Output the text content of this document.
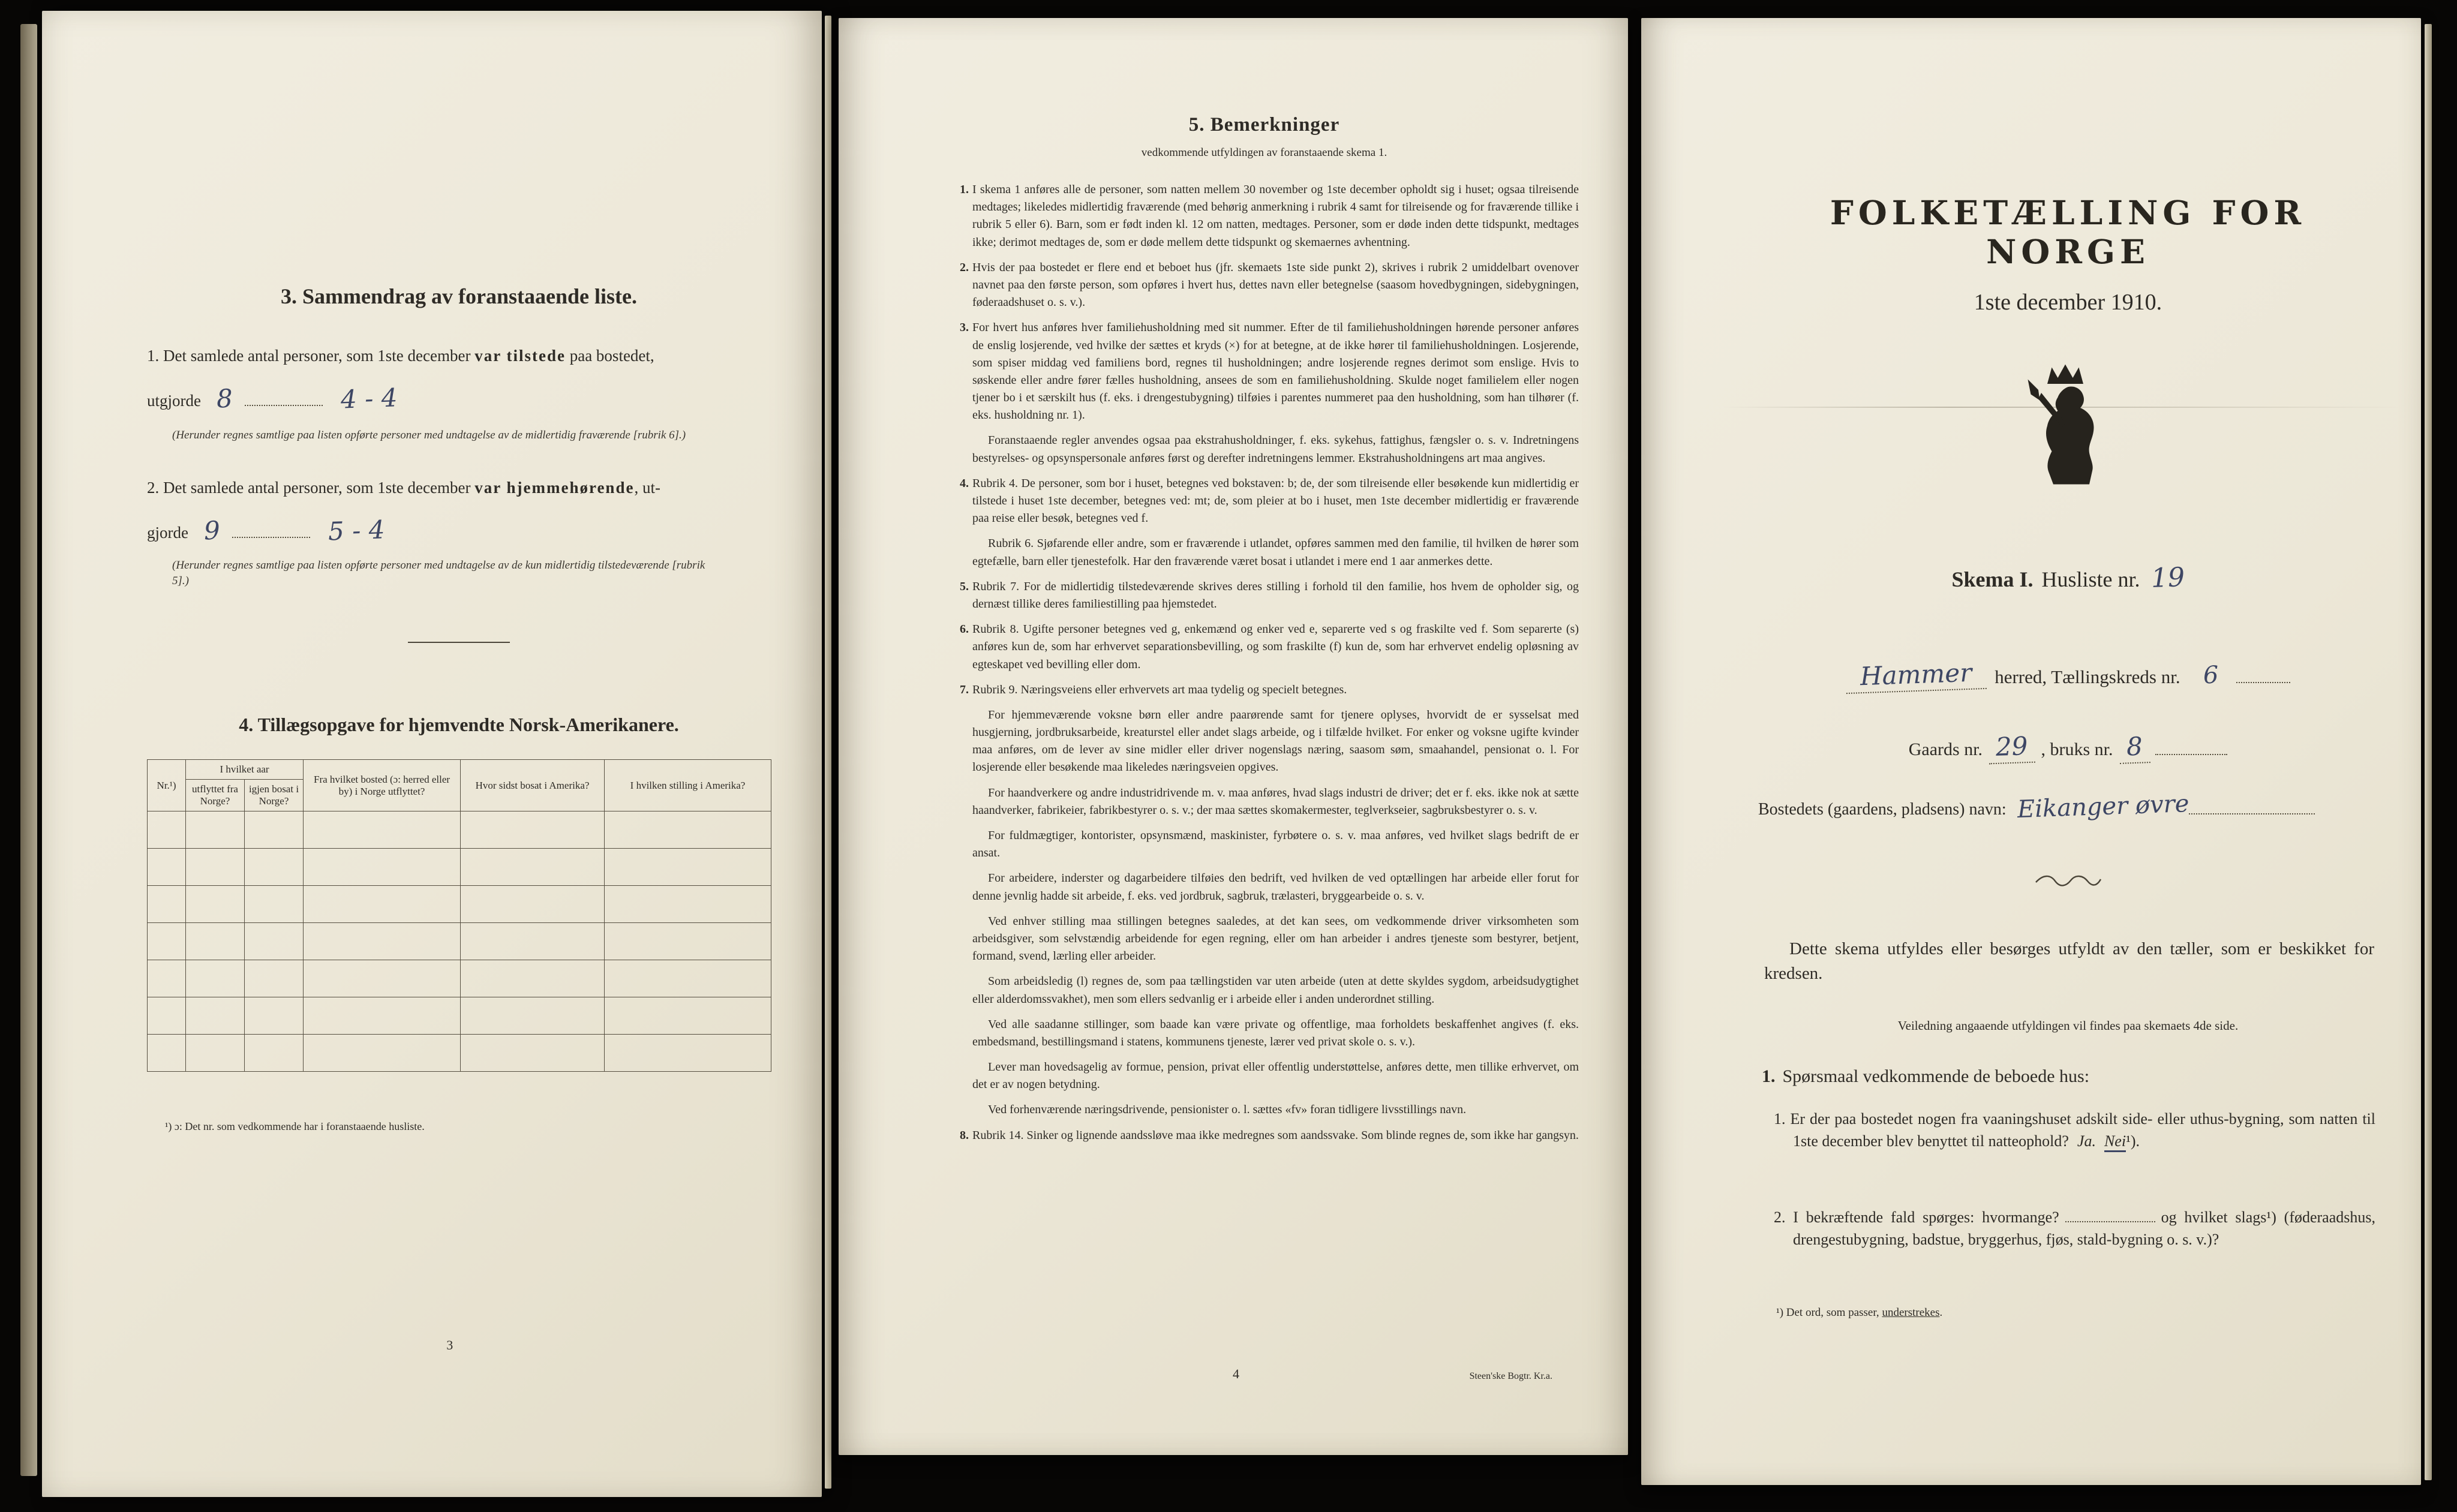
3. Sammendrag av foranstaaende liste.

1. Det samlede antal personer, som 1ste december var tilstede paa bostedet,

utgjorde 8	4 - 4

(Herunder regnes samtlige paa listen opførte personer med undtagelse av de midlertidig fraværende [rubrik 6].)

2. Det samlede antal personer, som 1ste december var hjemmehørende, ut-

gjorde 9	5 - 4

(Herunder regnes samtlige paa listen opførte personer med undtagelse av de kun midlertidig tilstedeværende [rubrik 5].)

4. Tillægsopgave for hjemvendte Norsk-Amerikanere.
Nr.¹)	I hvilket aar		Fra hvilket bosted (ɔ: herred eller by) i Norge utflyttet?	Hvor sidst bosat i Amerika?	I hvilken stilling i Amerika?
	utflyttet fra Norge?	igjen bosat i Norge?			

¹) ɔ: Det nr. som vedkommende har i foranstaaende husliste.

3
5. Bemerkninger

vedkommende utfyldingen av foranstaaende skema 1.

1. I skema 1 anføres alle de personer, som natten mellem 30 november og 1ste december opholdt sig i huset; ogsaa tilreisende medtages; likeledes midlertidig fraværende (med behørig anmerkning i rubrik 4 samt for tilreisende og for fraværende tillike i rubrik 5 eller 6). Barn, som er født inden kl. 12 om natten, medtages. Personer, som er døde inden dette tidspunkt, medtages ikke; derimot medtages de, som er døde mellem dette tidspunkt og skemaernes avhentning.
2. Hvis der paa bostedet er flere end et beboet hus (jfr. skemaets 1ste side punkt 2), skrives i rubrik 2 umiddelbart ovenover navnet paa den første person, som opføres i hvert hus, dettes navn eller betegnelse (saasom hovedbygningen, sidebygningen, føderaadshuset o. s. v.).
3. For hvert hus anføres hver familiehusholdning med sit nummer. Efter de til familiehusholdningen hørende personer anføres de enslig losjerende, ved hvilke der sættes et kryds (×) for at betegne, at de ikke hører til familiehusholdningen. Losjerende, som spiser middag ved familiens bord, regnes til husholdningen; andre losjerende regnes derimot som enslige. Hvis to søskende eller andre fører fælles husholdning, ansees de som en familiehusholdning. Skulde noget familielem eller nogen tjener bo i et særskilt hus (f. eks. i drengestubygning) tilføies i parentes nummeret paa den husholdning, som han tilhører (f. eks. husholdning nr. 1).
Foranstaaende regler anvendes ogsaa paa ekstrahusholdninger, f. eks. sykehus, fattighus, fængsler o. s. v. Indretningens bestyrelses- og opsynspersonale anføres først og derefter indretningens lemmer. Ekstrahusholdningens art maa angives.
4. Rubrik 4. De personer, som bor i huset, betegnes ved bokstaven: b; de, der som tilreisende eller besøkende kun midlertidig er tilstede i huset 1ste december, betegnes ved: mt; de, som pleier at bo i huset, men 1ste december midlertidig er fraværende paa reise eller besøk, betegnes ved f.
Rubrik 6. Sjøfarende eller andre, som er fraværende i utlandet, opføres sammen med den familie, til hvilken de hører som egtefælle, barn eller tjenestefolk. Har den fraværende været bosat i utlandet i mere end 1 aar anmerkes dette.
5. Rubrik 7. For de midlertidig tilstedeværende skrives deres stilling i forhold til den familie, hos hvem de opholder sig, og dernæst tillike deres familiestilling paa hjemstedet.
6. Rubrik 8. Ugifte personer betegnes ved g, enkemænd og enker ved e, separerte ved s og fraskilte ved f. Som separerte (s) anføres kun de, som har erhvervet separationsbevilling, og som fraskilte (f) kun de, som har erhvervet endelig opløsning av egteskapet ved bevilling eller dom.
7. Rubrik 9. Næringsveiens eller erhvervets art maa tydelig og specielt betegnes.
For hjemmeværende voksne børn eller andre paarørende samt for tjenere oplyses, hvorvidt de er sysselsat med husgjerning, jordbruksarbeide, kreaturstel eller andet slags arbeide, og i tilfælde hvilket. For enker og voksne ugifte kvinder maa anføres, om de lever av sine midler eller driver nogenslags næring, saasom søm, smaahandel, pensionat o. l. For losjerende eller besøkende maa likeledes næringsveien opgives.
For haandverkere og andre industridrivende m. v. maa anføres, hvad slags industri de driver; det er f. eks. ikke nok at sætte haandverker, fabrikeier, fabrikbestyrer o. s. v.; der maa sættes skomakermester, teglverkseier, sagbruksbestyrer o. s. v.
For fuldmægtiger, kontorister, opsynsmænd, maskinister, fyrbøtere o. s. v. maa anføres, ved hvilket slags bedrift de er ansat.
For arbeidere, inderster og dagarbeidere tilføies den bedrift, ved hvilken de ved optællingen har arbeide eller forut for denne jevnlig hadde sit arbeide, f. eks. ved jordbruk, sagbruk, trælasteri, bryggearbeide o. s. v.
Ved enhver stilling maa stillingen betegnes saaledes, at det kan sees, om vedkommende driver virksomheten som arbeidsgiver, som selvstændig arbeidende for egen regning, eller om han arbeider i andres tjeneste som bestyrer, betjent, formand, svend, lærling eller arbeider.
Som arbeidsledig (l) regnes de, som paa tællingstiden var uten arbeide (uten at dette skyldes sygdom, arbeidsudygtighet eller alderdomssvakhet), men som ellers sedvanlig er i arbeide eller i anden underordnet stilling.
Ved alle saadanne stillinger, som baade kan være private og offentlige, maa forholdets beskaffenhet angives (f. eks. embedsmand, bestillingsmand i statens, kommunens tjeneste, lærer ved privat skole o. s. v.).
Lever man hovedsagelig av formue, pension, privat eller offentlig understøttelse, anføres dette, men tillike erhvervet, om det er av nogen betydning.
Ved forhenværende næringsdrivende, pensionister o. l. sættes «fv» foran tidligere livsstillings navn.
8. Rubrik 14. Sinker og lignende aandssløve maa ikke medregnes som aandssvake. Som blinde regnes de, som ikke har gangsyn.
4	Steen'ske Bogtr. Kr.a.
FOLKETÆLLING FOR NORGE
1ste december 1910.
Skema I. Husliste nr. 19
Hammer herred, Tællingskreds nr. 6
Gaards nr. 29 , bruks nr. 8
Bostedets (gaardens, pladsens) navn: Eikanger øvre

Dette skema utfyldes eller besørges utfyldt av den tæller, som er beskikket for kredsen.

Veiledning angaaende utfyldingen vil findes paa skemaets 4de side.

1. Spørsmaal vedkommende de beboede hus:

1. Er der paa bostedet nogen fra vaaningshuset adskilt side- eller uthus-bygning, som natten til 1ste december blev benyttet til natteophold? Ja. Nei¹).

2. I bekræftende fald spørges: hvormange?	og hvilket slags¹) (føderaadshus, drengestubygning, badstue, bryggerhus, fjøs, stald-bygning o. s. v.)?

¹) Det ord, som passer, understrekes.
